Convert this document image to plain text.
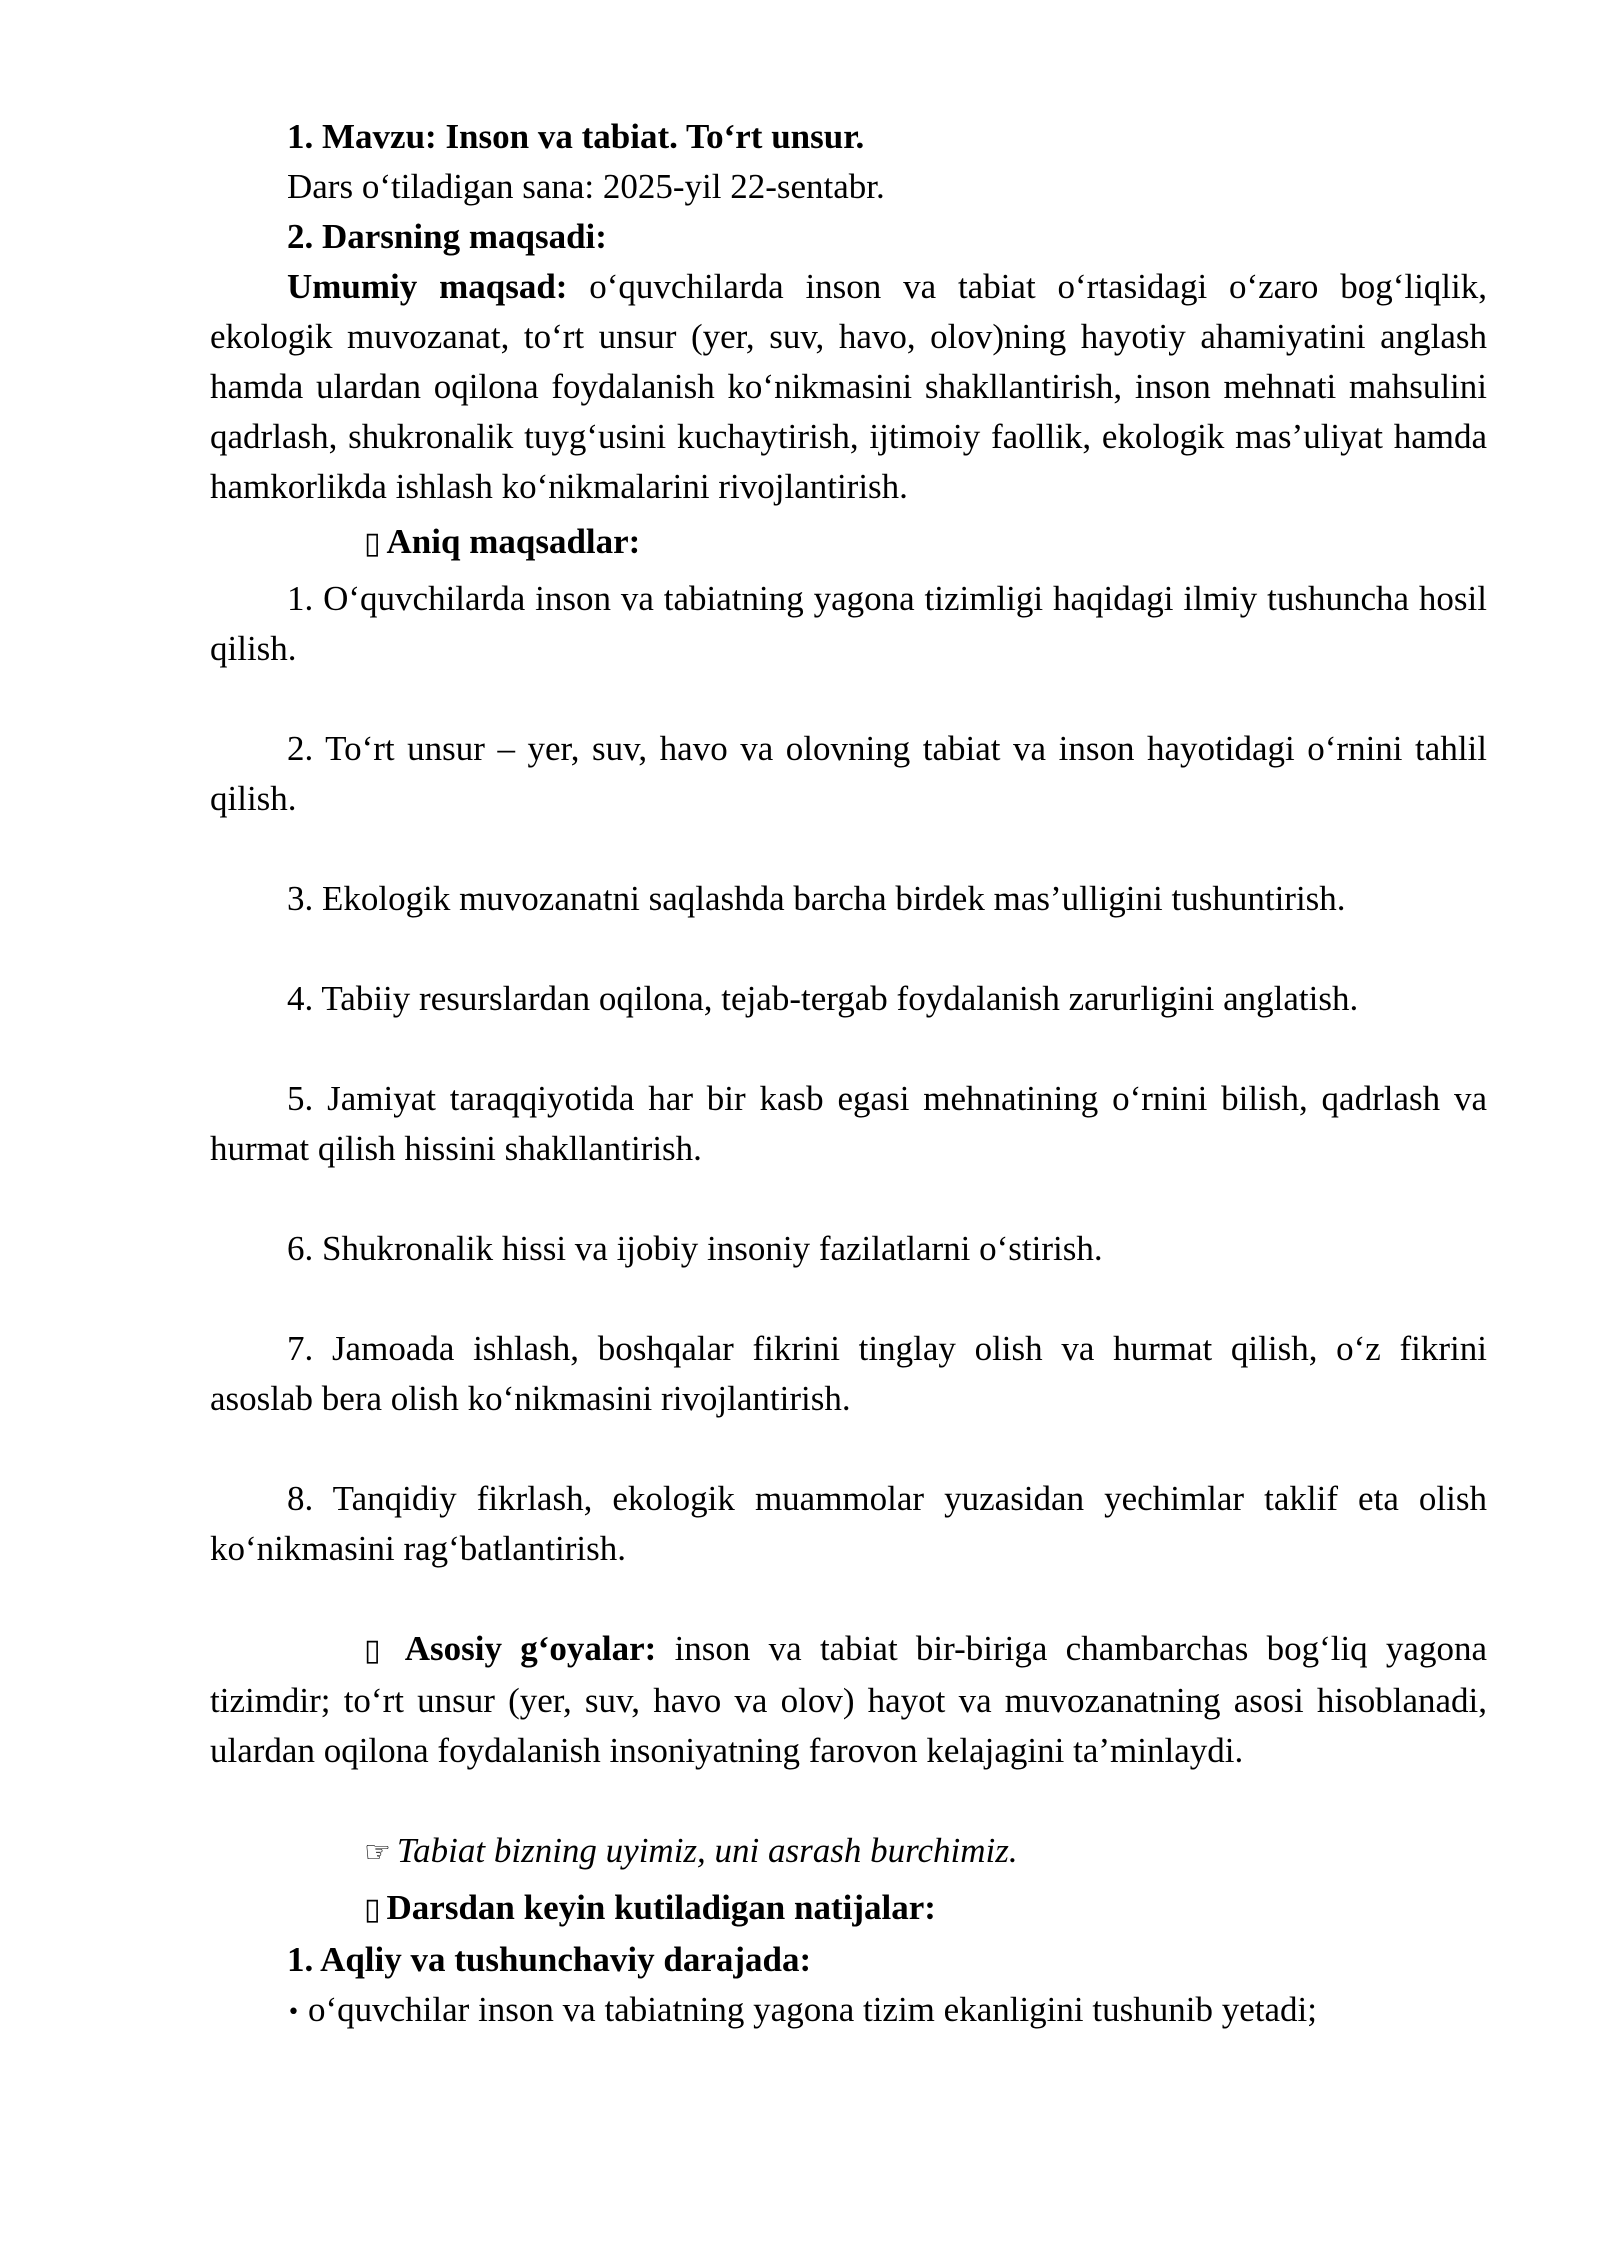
1. Mavzu: Inson va tabiat. To‘rt unsur.

Dars o‘tiladigan sana: 2025-yil 22-sentabr.

2. Darsning maqsadi:

Umumiy maqsad: o‘quvchilarda inson va tabiat o‘rtasidagi o‘zaro bog‘liqlik, ekologik muvozanat, to‘rt unsur (yer, suv, havo, olov)ning hayotiy ahamiyatini anglash hamda ulardan oqilona foydalanish ko‘nikmasini shakllantirish, inson mehnati mahsulini qadrlash, shukronalik tuyg‘usini kuchaytirish, ijtimoiy faollik, ekologik mas’uliyat hamda hamkorlikda ishlash ko‘nikmalarini rivojlantirish.

▯ Aniq maqsadlar:

1. O‘quvchilarda inson va tabiatning yagona tizimligi haqidagi ilmiy tushuncha hosil qilish.

2. To‘rt unsur – yer, suv, havo va olovning tabiat va inson hayotidagi o‘rnini tahlil qilish.

3. Ekologik muvozanatni saqlashda barcha birdek mas’ulligini tushuntirish.

4. Tabiiy resurslardan oqilona, tejab-tergab foydalanish zarurligini anglatish.

5. Jamiyat taraqqiyotida har bir kasb egasi mehnatining o‘rnini bilish, qadrlash va hurmat qilish hissini shakllantirish.

6. Shukronalik hissi va ijobiy insoniy fazilatlarni o‘stirish.

7. Jamoada ishlash, boshqalar fikrini tinglay olish va hurmat qilish, o‘z fikrini asoslab bera olish ko‘nikmasini rivojlantirish.

8. Tanqidiy fikrlash, ekologik muammolar yuzasidan yechimlar taklif eta olish ko‘nikmasini rag‘batlantirish.

▯ Asosiy g‘oyalar: inson va tabiat bir-biriga chambarchas bog‘liq yagona tizimdir; to‘rt unsur (yer, suv, havo va olov) hayot va muvozanatning asosi hisoblanadi, ulardan oqilona foydalanish insoniyatning farovon kelajagini ta’minlaydi.

☞ Tabiat bizning uyimiz, uni asrash burchimiz.

▯ Darsdan keyin kutiladigan natijalar:

1. Aqliy va tushunchaviy darajada:

• o‘quvchilar inson va tabiatning yagona tizim ekanligini tushunib yetadi;
